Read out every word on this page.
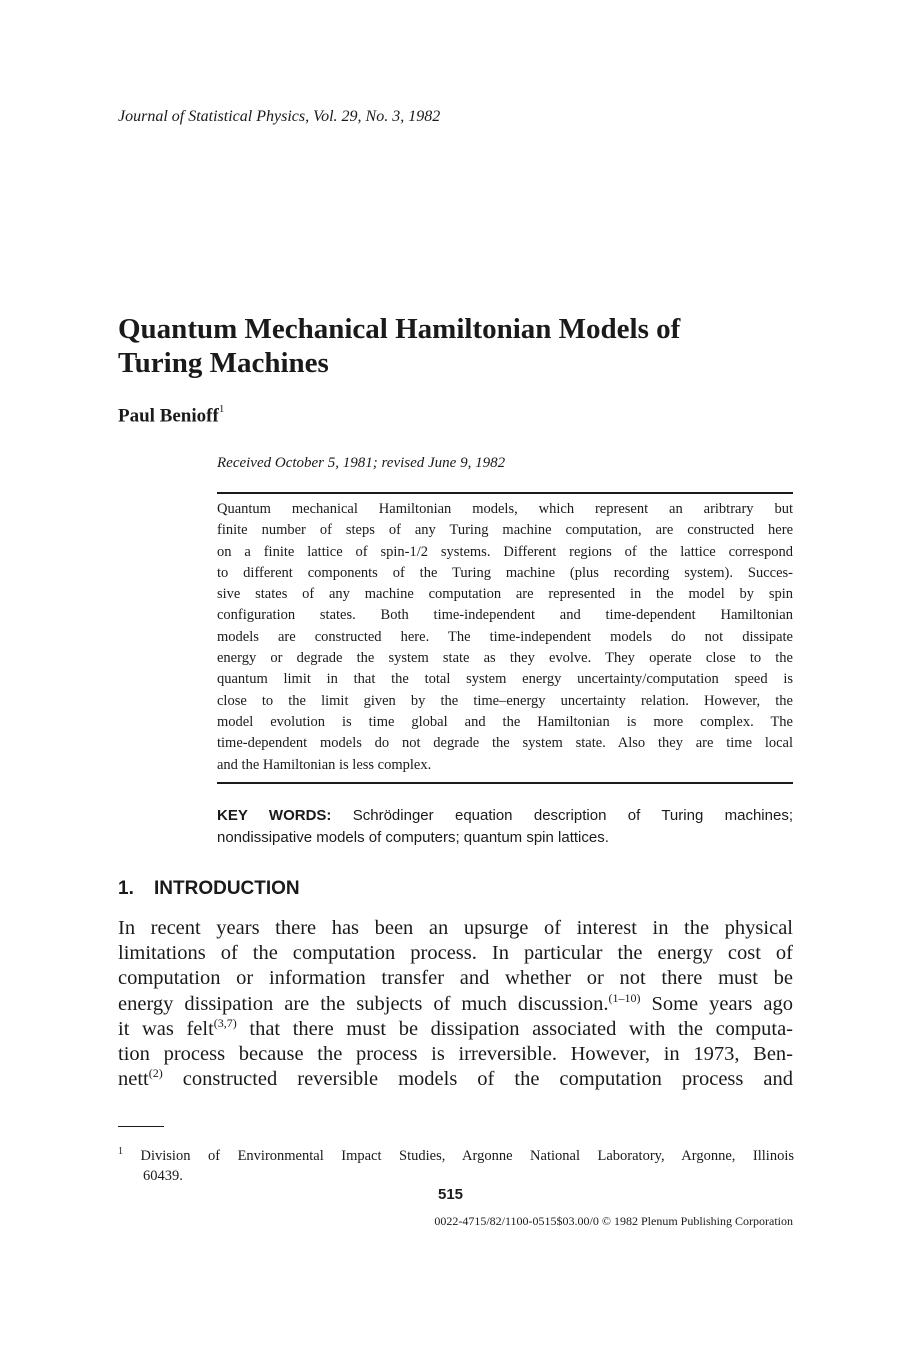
Journal of Statistical Physics, Vol. 29, No. 3, 1982
Quantum Mechanical Hamiltonian Models of
Turing Machines
Paul Benioff$^1$
Received October 5, 1981; revised June 9, 1982
Quantum mechanical Hamiltonian models, which represent an aribtrary but
finite number of steps of any Turing machine computation, are constructed here
on a finite lattice of spin-1/2 systems. Different regions of the lattice correspond
to different components of the Turing machine (plus recording system). Succes-
sive states of any machine computation are represented in the model by spin
configuration states. Both time-independent and time-dependent Hamiltonian
models are constructed here. The time-independent models do not dissipate
energy or degrade the system state as they evolve. They operate close to the
quantum limit in that the total system energy uncertainty/computation speed is
close to the limit given by the time–energy uncertainty relation. However, the
model evolution is time global and the Hamiltonian is more complex. The
time-dependent models do not degrade the system state. Also they are time local
and the Hamiltonian is less complex.
KEY WORDS: Schrödinger equation description of Turing machines;
nondissipative models of computers; quantum spin lattices.
1. INTRODUCTION
In recent years there has been an upsurge of interest in the physical
limitations of the computation process. In particular the energy cost of
computation or information transfer and whether or not there must be
energy dissipation are the subjects of much discussion.$^{(1-10)}$ Some years ago
it was felt$^{(3,7)}$ that there must be dissipation associated with the computa-
tion process because the process is irreversible. However, in 1973, Ben-
nett$^{(2)}$ constructed reversible models of the computation process and
$^1$ Division of Environmental Impact Studies, Argonne National Laboratory, Argonne, Illinois
60439.
515
0022-4715/82/1100-0515$03.00/0 © 1982 Plenum Publishing Corporation
